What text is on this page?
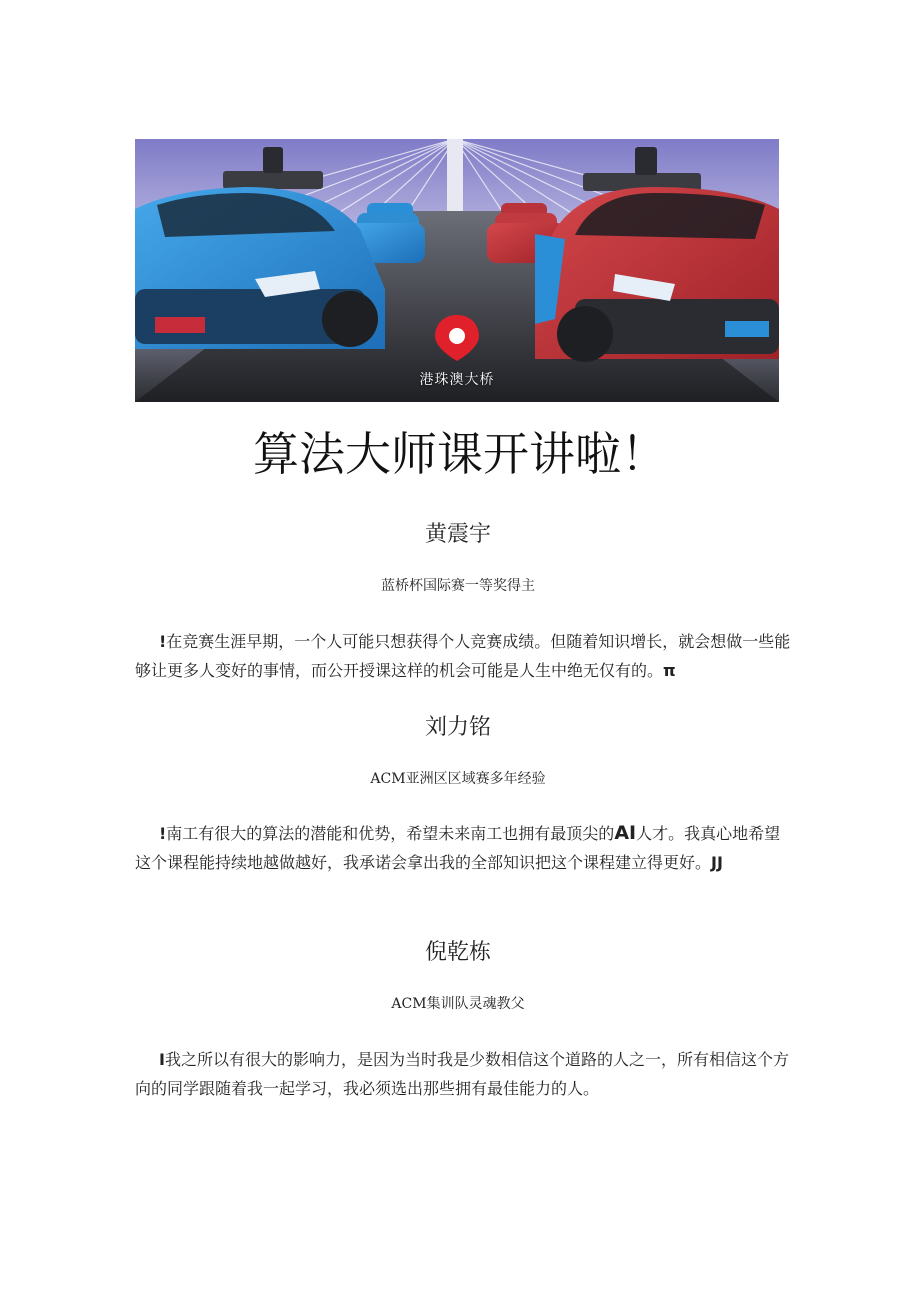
港珠澳大桥
算法大师课开讲啦！
黄震宇

蓝桥杯国际赛一等奖得主

!在竞赛生涯早期，一个人可能只想获得个人竞赛成绩。但随着知识增长，就会想做一些能够让更多人变好的事情，而公开授课这样的机会可能是人生中绝无仅有的。π

刘力铭

ACM亚洲区区域赛多年经验

!南工有很大的算法的潜能和优势，希望未来南工也拥有最顶尖的AI人才。我真心地希望这个课程能持续地越做越好，我承诺会拿出我的全部知识把这个课程建立得更好。JJ

倪乾栋

ACM集训队灵魂教父

I我之所以有很大的影响力，是因为当时我是少数相信这个道路的人之一，所有相信这个方向的同学跟随着我一起学习，我必须选出那些拥有最佳能力的人。
